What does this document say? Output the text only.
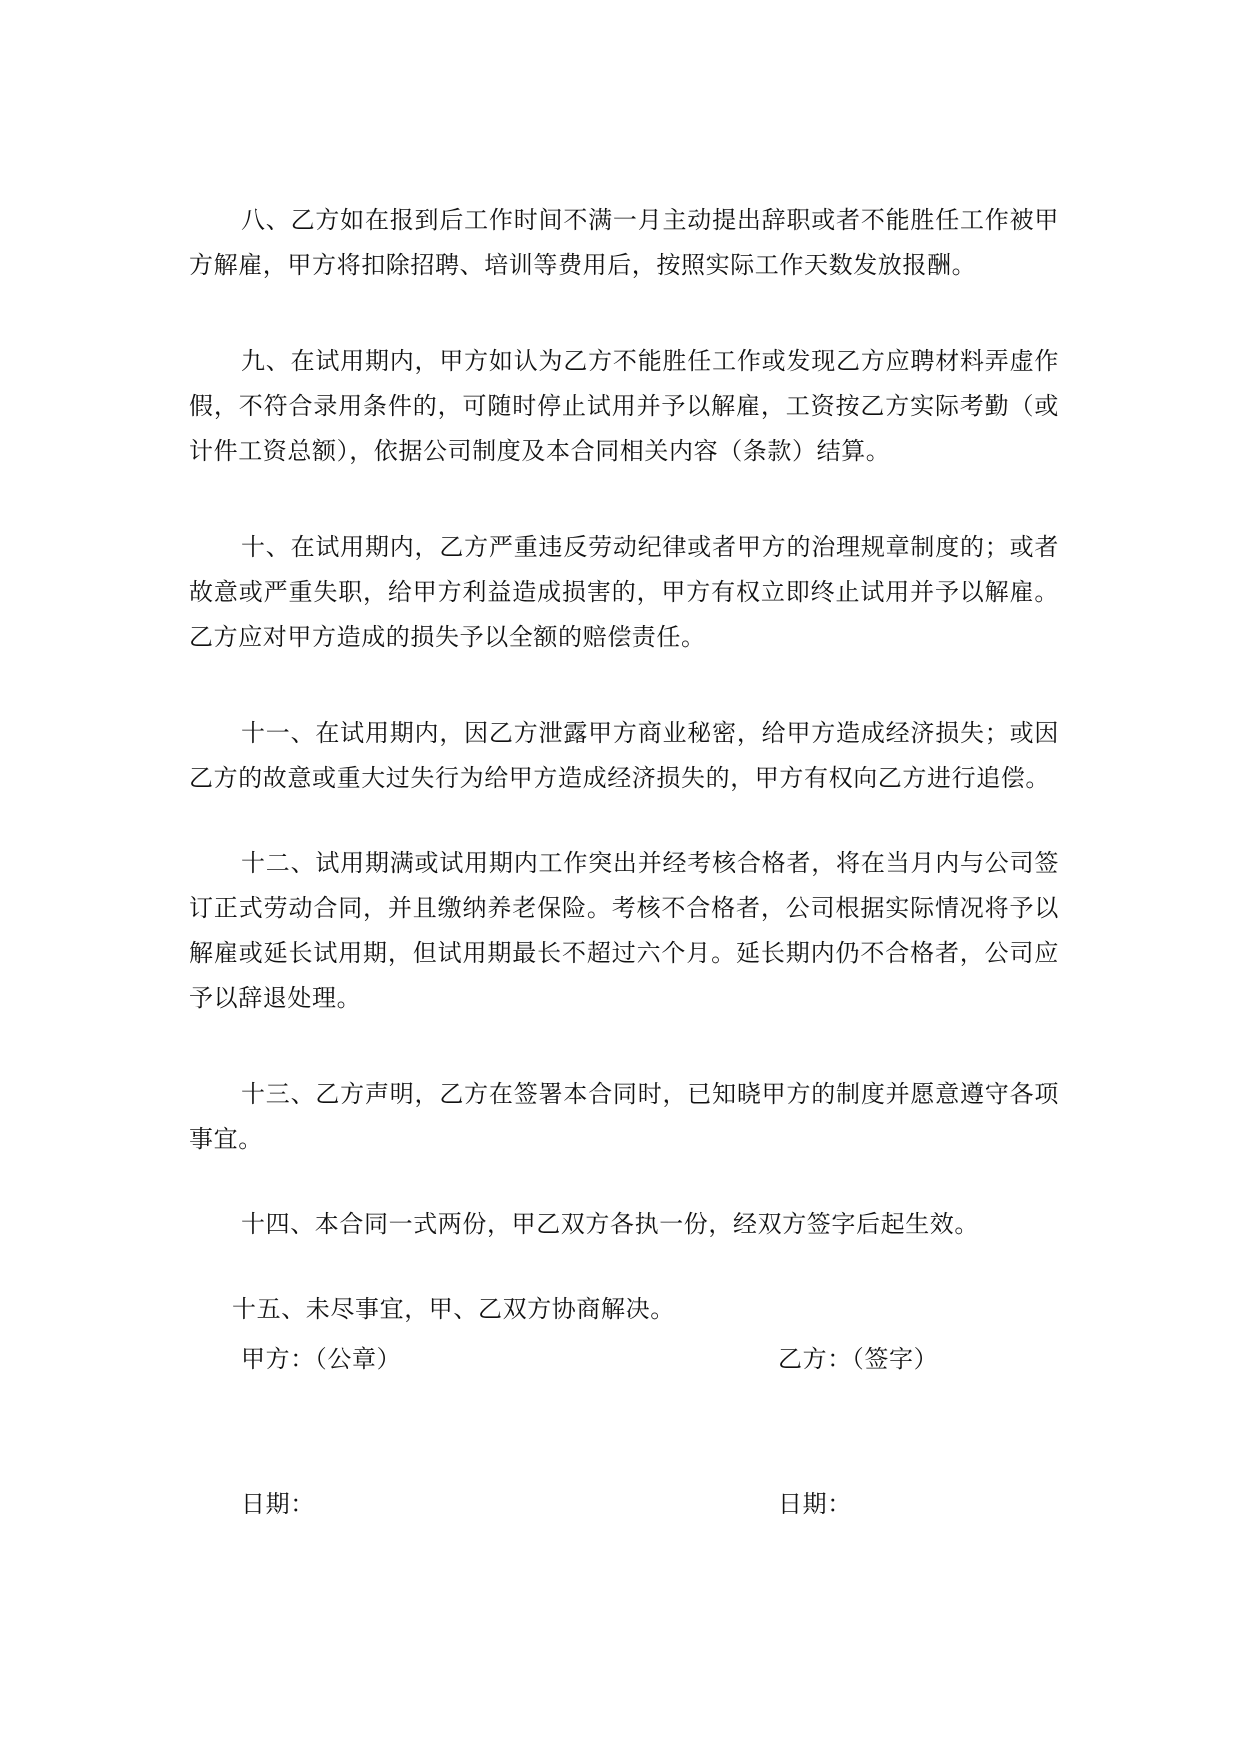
八、乙方如在报到后工作时间不满一月主动提出辞职或者不能胜任工作被甲方解雇，甲方将扣除招聘、培训等费用后，按照实际工作天数发放报酬。

九、在试用期内，甲方如认为乙方不能胜任工作或发现乙方应聘材料弄虚作假，不符合录用条件的，可随时停止试用并予以解雇，工资按乙方实际考勤（或计件工资总额），依据公司制度及本合同相关内容（条款）结算。

十、在试用期内，乙方严重违反劳动纪律或者甲方的治理规章制度的；或者故意或严重失职，给甲方利益造成损害的，甲方有权立即终止试用并予以解雇。乙方应对甲方造成的损失予以全额的赔偿责任。

十一、在试用期内，因乙方泄露甲方商业秘密，给甲方造成经济损失；或因乙方的故意或重大过失行为给甲方造成经济损失的，甲方有权向乙方进行追偿。

十二、试用期满或试用期内工作突出并经考核合格者，将在当月内与公司签订正式劳动合同，并且缴纳养老保险。考核不合格者，公司根据实际情况将予以解雇或延长试用期，但试用期最长不超过六个月。延长期内仍不合格者，公司应予以辞退处理。

十三、乙方声明，乙方在签署本合同时，已知晓甲方的制度并愿意遵守各项事宜。

十四、本合同一式两份，甲乙双方各执一份，经双方签字后起生效。

十五、未尽事宜，甲、乙双方协商解决。

甲方：（公章）	乙方：（签字）
日期：	日期：
